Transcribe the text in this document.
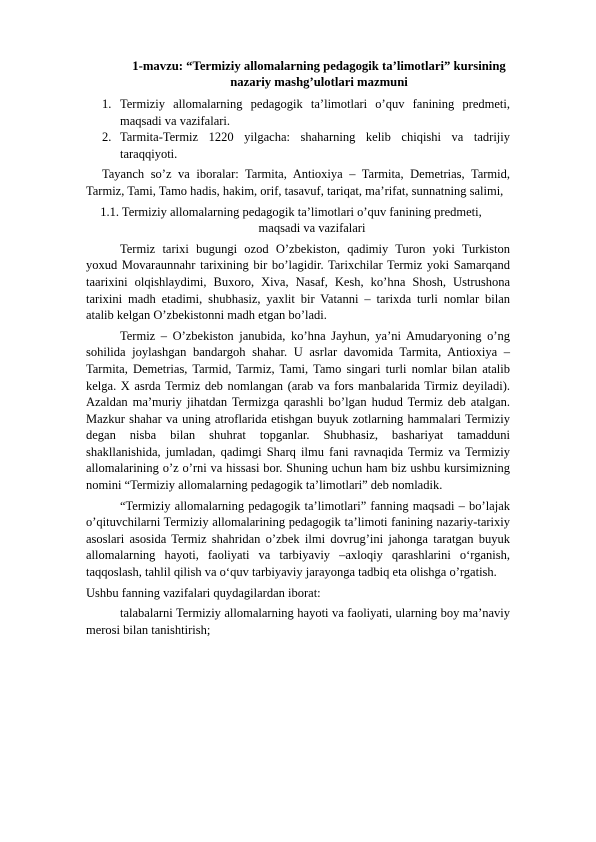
1-mavzu: “Termiziy allomalarning pedagogik ta’limotlari” kursining
nazariy mashg’ulotlari mazmuni

1. Termiziy allomalarning pedagogik ta’limotlari o’quv fanining predmeti, maqsadi va vazifalari.
2. Tarmita-Termiz 1220 yilgacha: shaharning kelib chiqishi va tadrijiy taraqqiyoti.

Tayanch so’z va iboralar: Tarmita, Antioxiya – Tarmita, Demetrias, Tarmid, Tarmiz, Tami, Tamo hadis, hakim, orif, tasavuf, tariqat, ma’rifat, sunnatning salimi,

1.1. Termiziy allomalarning pedagogik ta’limotlari o’quv fanining predmeti,
maqsadi va vazifalari

Termiz tarixi bugungi ozod O’zbekiston, qadimiy Turon yoki Turkiston yoxud Movaraunnahr tarixining bir bo’lagidir. Tarixchilar Termiz yoki Samarqand taarixini olqishlaydimi, Buxoro, Xiva, Nasaf, Kesh, ko’hna Shosh, Ustrushona tarixini madh etadimi, shubhasiz, yaxlit bir Vatanni – tarixda turli nomlar bilan atalib kelgan O’zbekistonni madh etgan bo’ladi.

Termiz – O’zbekiston janubida, ko’hna Jayhun, ya’ni Amudaryoning o’ng sohilida joylashgan bandargoh shahar. U asrlar davomida Tarmita, Antioxiya – Tarmita, Demetrias, Tarmid, Tarmiz, Tami, Tamo singari turli nomlar bilan atalib kelga. X asrda Termiz deb nomlangan (arab va fors manbalarida Tirmiz deyiladi). Azaldan ma’muriy jihatdan Termizga qarashli bo’lgan hudud Termiz deb atalgan. Mazkur shahar va uning atroflarida etishgan buyuk zotlarning hammalari Termiziy degan nisba bilan shuhrat topganlar. Shubhasiz, bashariyat tamadduni shakllanishida, jumladan, qadimgi Sharq ilmu fani ravnaqida Termiz va Termiziy allomalarining o’z o’rni va hissasi bor. Shuning uchun ham biz ushbu kursimizning nomini “Termiziy allomalarning pedagogik ta’limotlari” deb nomladik.

“Termiziy allomalarning pedagogik ta’limotlari” fanning maqsadi – bo’lajak o’qituvchilarni Termiziy allomalarining pedagogik ta’limoti fanining nazariy-tarixiy asoslari asosida Termiz shahridan o’zbek ilmi dovrug’ini jahonga taratgan buyuk allomalarning hayoti, faoliyati va tarbiyaviy –axloqiy qarashlarini o‘rganish, taqqoslash, tahlil qilish va o‘quv tarbiyaviy jarayonga tadbiq eta olishga o’rgatish.

Ushbu fanning vazifalari quydagilardan iborat:

talabalarni Termiziy allomalarning hayoti va faoliyati, ularning boy ma’naviy merosi bilan tanishtirish;
